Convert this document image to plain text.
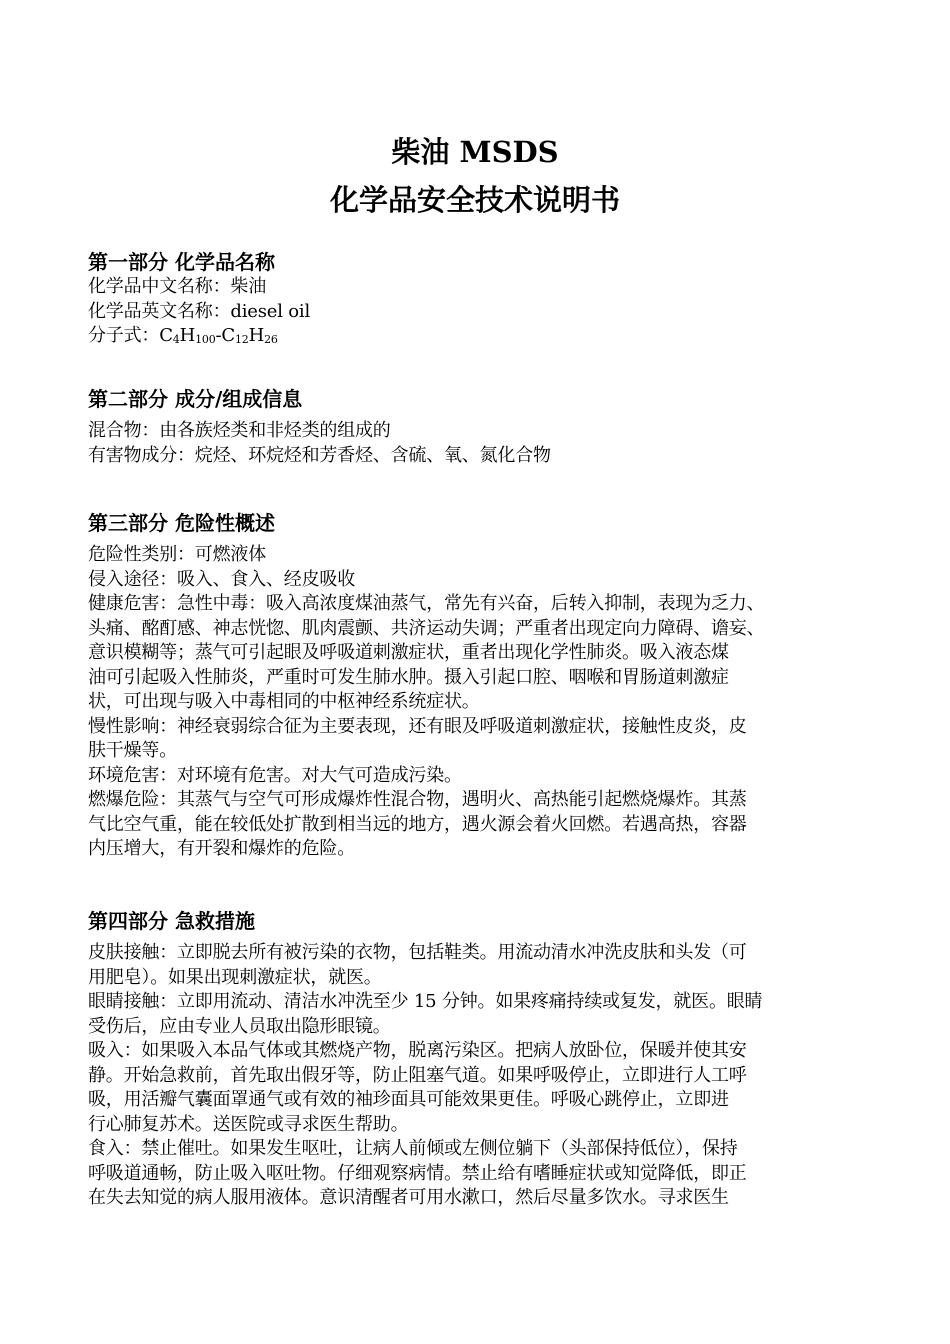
柴油 MSDS
化学品安全技术说明书
第一部分 化学品名称
化学品中文名称：柴油
化学品英文名称：diesel oil
分子式：$C_4H_{100}-C_{12}H_{26}$
第二部分 成分/组成信息
混合物：由各族烃类和非烃类的组成的
有害物成分：烷烃、环烷烃和芳香烃、含硫、氧、氮化合物
第三部分 危险性概述
危险性类别：可燃液体
侵入途径：吸入、食入、经皮吸收
健康危害：急性中毒：吸入高浓度煤油蒸气，常先有兴奋，后转入抑制，表现为乏力、
头痛、酩酊感、神志恍惚、肌肉震颤、共济运动失调；严重者出现定向力障碍、谵妄、
意识模糊等；蒸气可引起眼及呼吸道刺激症状，重者出现化学性肺炎。吸入液态煤
油可引起吸入性肺炎，严重时可发生肺水肿。摄入引起口腔、咽喉和胃肠道刺激症
状，可出现与吸入中毒相同的中枢神经系统症状。
慢性影响：神经衰弱综合征为主要表现，还有眼及呼吸道刺激症状，接触性皮炎，皮
肤干燥等。
环境危害：对环境有危害。对大气可造成污染。
燃爆危险：其蒸气与空气可形成爆炸性混合物，遇明火、高热能引起燃烧爆炸。其蒸
气比空气重，能在较低处扩散到相当远的地方，遇火源会着火回燃。若遇高热，容器
内压增大，有开裂和爆炸的危险。
第四部分 急救措施
皮肤接触：立即脱去所有被污染的衣物，包括鞋类。用流动清水冲洗皮肤和头发（可
用肥皂）。如果出现刺激症状，就医。
眼睛接触：立即用流动、清洁水冲洗至少 15 分钟。如果疼痛持续或复发，就医。眼睛
受伤后，应由专业人员取出隐形眼镜。
吸入：如果吸入本品气体或其燃烧产物，脱离污染区。把病人放卧位，保暖并使其安
静。开始急救前，首先取出假牙等，防止阻塞气道。如果呼吸停止，立即进行人工呼
吸，用活瓣气囊面罩通气或有效的袖珍面具可能效果更佳。呼吸心跳停止，立即进
行心肺复苏术。送医院或寻求医生帮助。
食入：禁止催吐。如果发生呕吐，让病人前倾或左侧位躺下（头部保持低位），保持
呼吸道通畅，防止吸入呕吐物。仔细观察病情。禁止给有嗜睡症状或知觉降低，即正
在失去知觉的病人服用液体。意识清醒者可用水漱口，然后尽量多饮水。寻求医生
